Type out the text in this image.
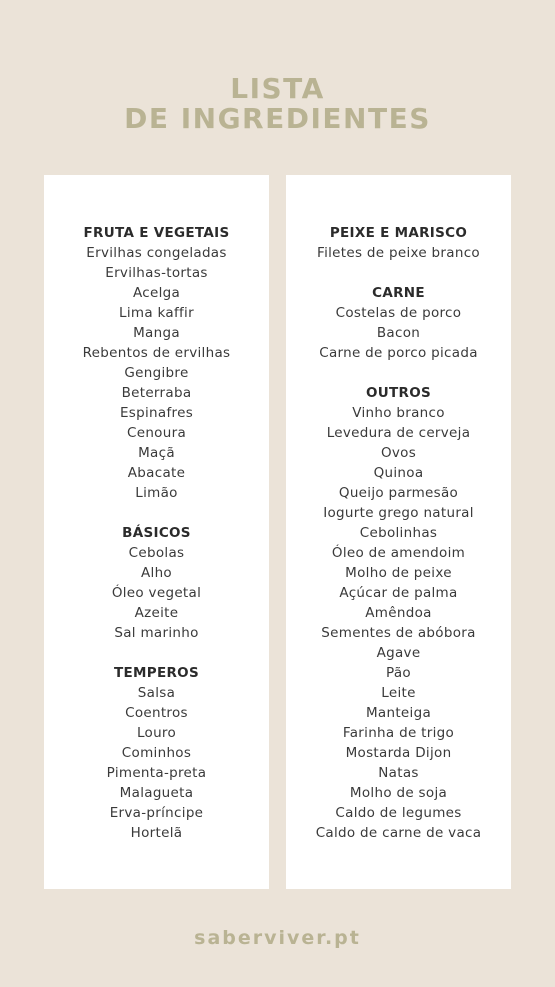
LISTA
DE INGREDIENTES
FRUTA E VEGETAIS
Ervilhas congeladas
Ervilhas-tortas
Acelga
Lima kaffir
Manga
Rebentos de ervilhas
Gengibre
Beterraba
Espinafres
Cenoura
Maçã
Abacate
Limão
BÁSICOS
Cebolas
Alho
Óleo vegetal
Azeite
Sal marinho
TEMPEROS
Salsa
Coentros
Louro
Cominhos
Pimenta-preta
Malagueta
Erva-príncipe
Hortelã
PEIXE E MARISCO
Filetes de peixe branco
CARNE
Costelas de porco
Bacon
Carne de porco picada
OUTROS
Vinho branco
Levedura de cerveja
Ovos
Quinoa
Queijo parmesão
Iogurte grego natural
Cebolinhas
Óleo de amendoim
Molho de peixe
Açúcar de palma
Amêndoa
Sementes de abóbora
Agave
Pão
Leite
Manteiga
Farinha de trigo
Mostarda Dijon
Natas
Molho de soja
Caldo de legumes
Caldo de carne de vaca
saberviver.pt
